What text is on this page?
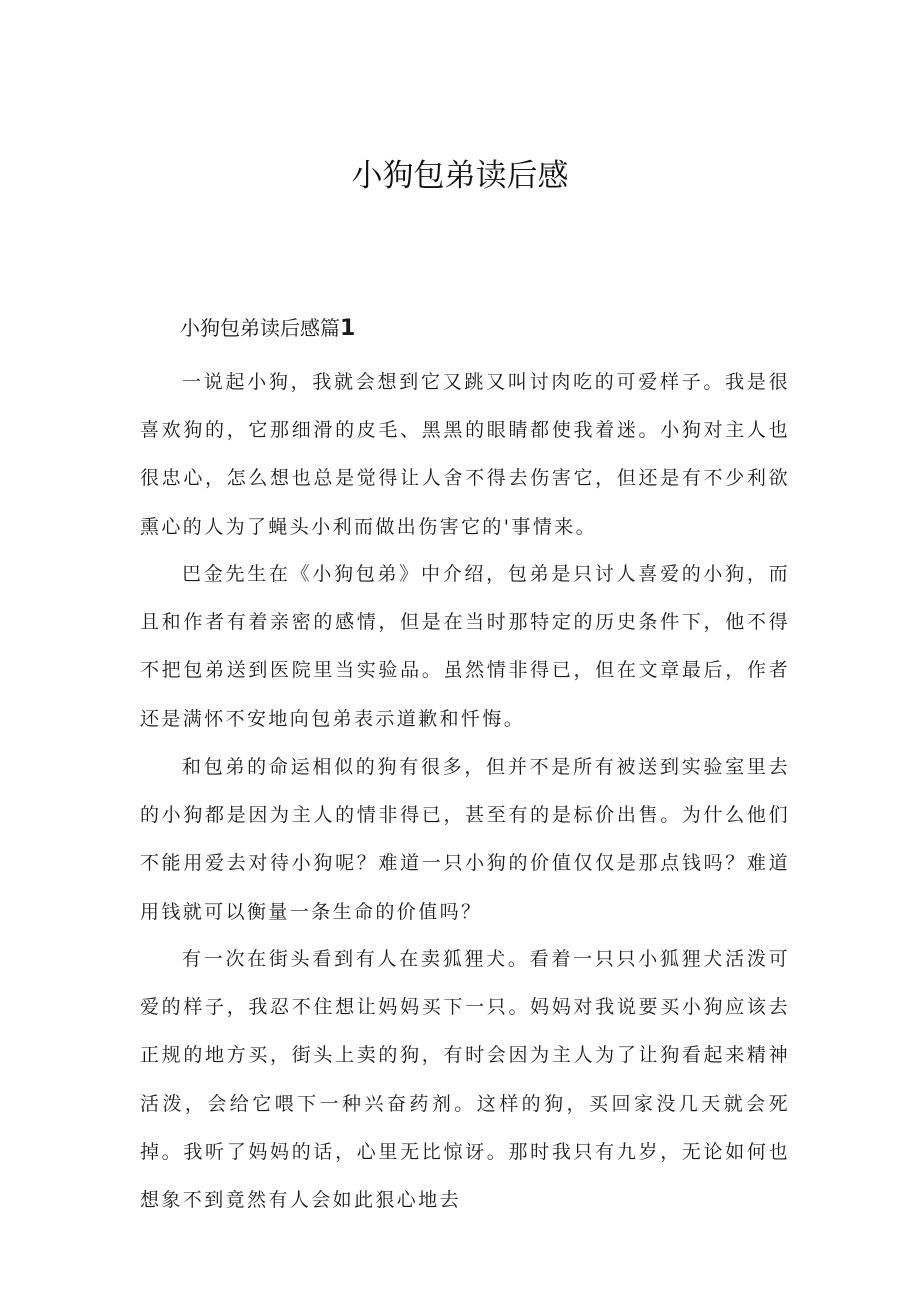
小狗包弟读后感
小狗包弟读后感篇1

一说起小狗，我就会想到它又跳又叫讨肉吃的可爱样子。我是很喜欢狗的，它那细滑的皮毛、黑黑的眼睛都使我着迷。小狗对主人也很忠心，怎么想也总是觉得让人舍不得去伤害它，但还是有不少利欲熏心的人为了蝇头小利而做出伤害它的'事情来。

巴金先生在《小狗包弟》中介绍，包弟是只讨人喜爱的小狗，而且和作者有着亲密的感情，但是在当时那特定的历史条件下，他不得不把包弟送到医院里当实验品。虽然情非得已，但在文章最后，作者还是满怀不安地向包弟表示道歉和忏悔。

和包弟的命运相似的狗有很多，但并不是所有被送到实验室里去的小狗都是因为主人的情非得已，甚至有的是标价出售。为什么他们不能用爱去对待小狗呢？难道一只小狗的价值仅仅是那点钱吗？难道用钱就可以衡量一条生命的价值吗？

有一次在街头看到有人在卖狐狸犬。看着一只只小狐狸犬活泼可爱的样子，我忍不住想让妈妈买下一只。妈妈对我说要买小狗应该去正规的地方买，街头上卖的狗，有时会因为主人为了让狗看起来精神活泼，会给它喂下一种兴奋药剂。这样的狗，买回家没几天就会死掉。我听了妈妈的话，心里无比惊讶。那时我只有九岁，无论如何也想象不到竟然有人会如此狠心地去
